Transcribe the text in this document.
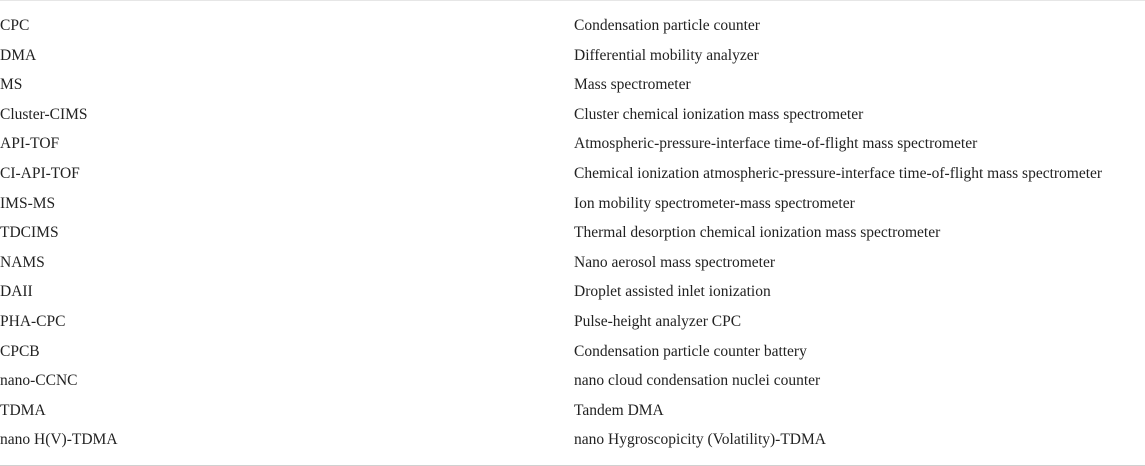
CPC	Condensation particle counter
DMA	Differential mobility analyzer
MS	Mass spectrometer
Cluster-CIMS	Cluster chemical ionization mass spectrometer
API-TOF	Atmospheric-pressure-interface time-of-flight mass spectrometer
CI-API-TOF	Chemical ionization atmospheric-pressure-interface time-of-flight mass spectrometer
IMS-MS	Ion mobility spectrometer-mass spectrometer
TDCIMS	Thermal desorption chemical ionization mass spectrometer
NAMS	Nano aerosol mass spectrometer
DAII	Droplet assisted inlet ionization
PHA-CPC	Pulse-height analyzer CPC
CPCB	Condensation particle counter battery
nano-CCNC	nano cloud condensation nuclei counter
TDMA	Tandem DMA
nano H(V)-TDMA	nano Hygroscopicity (Volatility)-TDMA
